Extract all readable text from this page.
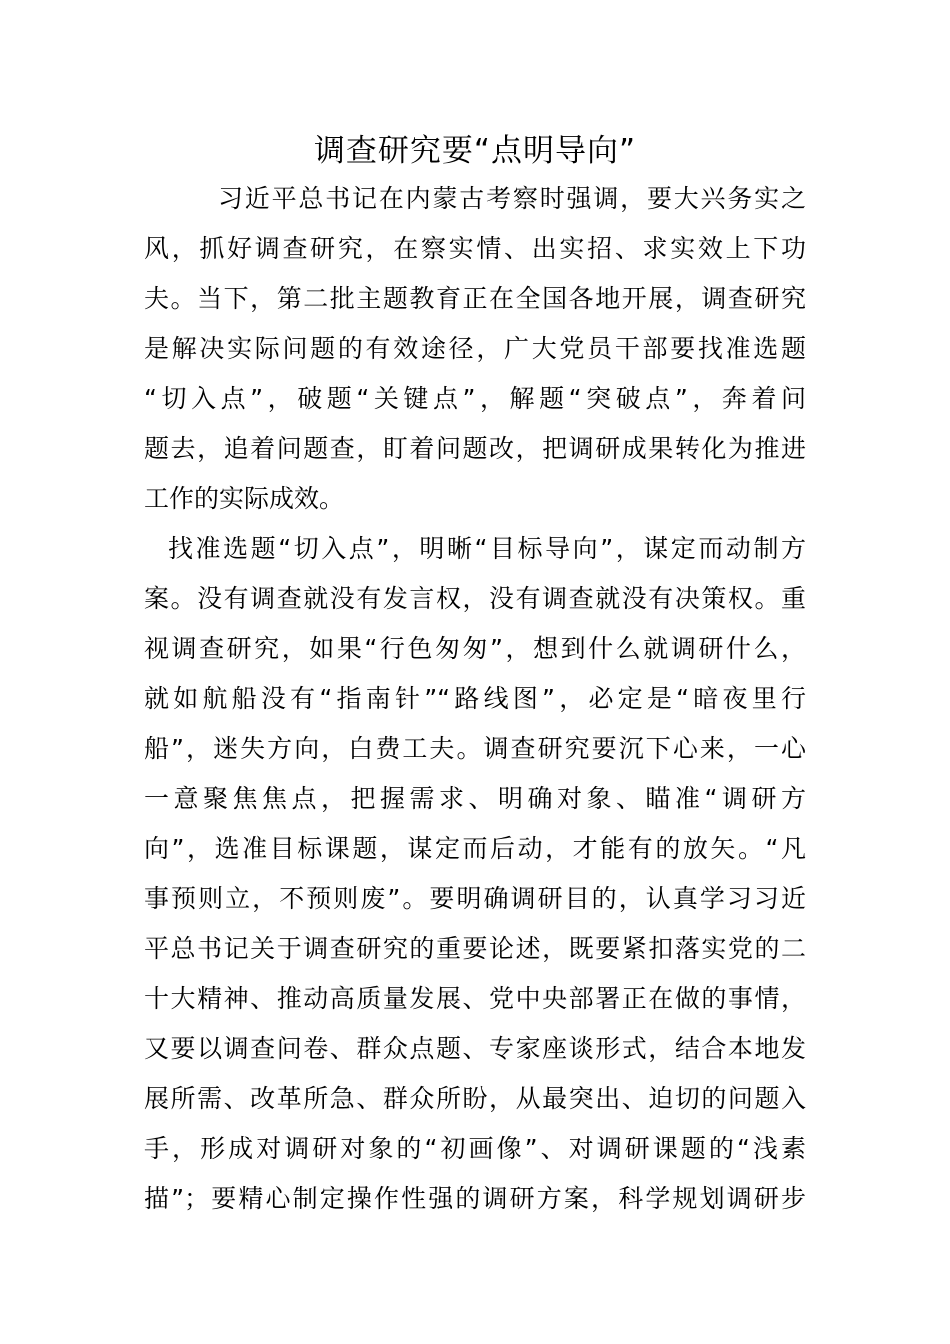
调查研究要“点明导向”
习近平总书记在内蒙古考察时强调，要大兴务实之
风，抓好调查研究，在察实情、出实招、求实效上下功
夫。当下，第二批主题教育正在全国各地开展，调查研究
是解决实际问题的有效途径，广大党员干部要找准选题
“切入点”，破题“关键点”，解题“突破点”，奔着问
题去，追着问题查，盯着问题改，把调研成果转化为推进
工作的实际成效。
找准选题“切入点”，明晰“目标导向”，谋定而动制方
案。没有调查就没有发言权，没有调查就没有决策权。重
视调查研究，如果“行色匆匆”，想到什么就调研什么，
就如航船没有“指南针”“路线图”，必定是“暗夜里行
船”，迷失方向，白费工夫。调查研究要沉下心来，一心
一意聚焦焦点，把握需求、明确对象、瞄准“调研方
向”，选准目标课题，谋定而后动，才能有的放矢。“凡
事预则立，不预则废”。要明确调研目的，认真学习习近
平总书记关于调查研究的重要论述，既要紧扣落实党的二
十大精神、推动高质量发展、党中央部署正在做的事情，
又要以调查问卷、群众点题、专家座谈形式，结合本地发
展所需、改革所急、群众所盼，从最突出、迫切的问题入
手，形成对调研对象的“初画像”、对调研课题的“浅素
描”；要精心制定操作性强的调研方案，科学规划调研步
